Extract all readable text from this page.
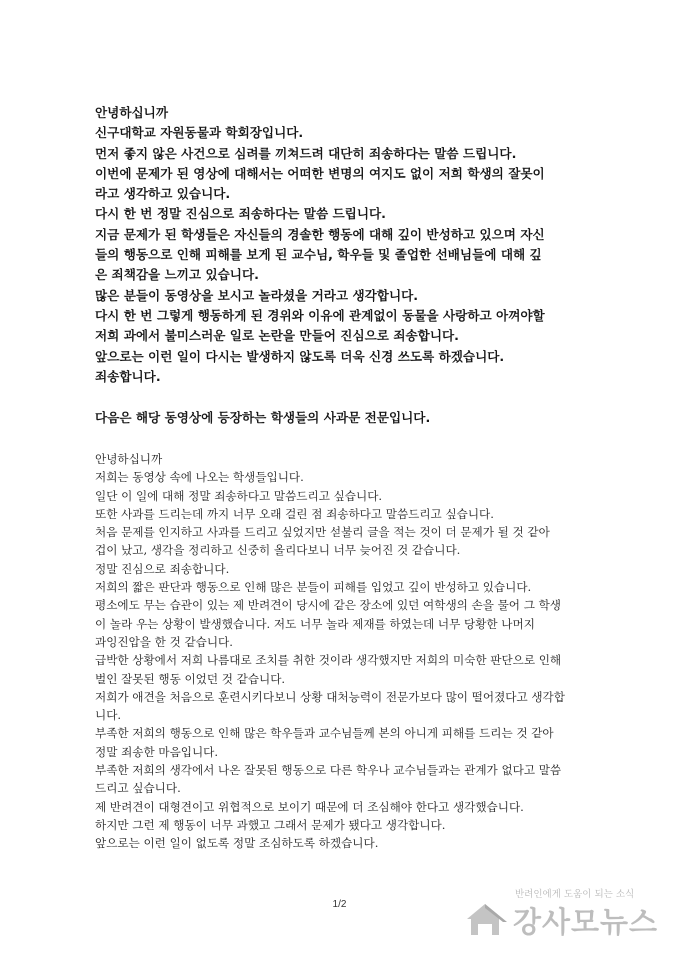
안녕하십니까
신구대학교 자원동물과 학회장입니다.
먼저 좋지 않은 사건으로 심려를 끼쳐드려 대단히 죄송하다는 말씀 드립니다.
이번에 문제가 된 영상에 대해서는 어떠한 변명의 여지도 없이 저희 학생의 잘못이
라고 생각하고 있습니다.
다시 한 번 정말 진심으로 죄송하다는 말씀 드립니다.
지금 문제가 된 학생들은 자신들의 경솔한 행동에 대해 깊이 반성하고 있으며 자신
들의 행동으로 인해 피해를 보게 된 교수님, 학우들 및 졸업한 선배님들에 대해 깊
은 죄책감을 느끼고 있습니다.
많은 분들이 동영상을 보시고 놀라셨을 거라고 생각합니다.
다시 한 번 그렇게 행동하게 된 경위와 이유에 관계없이 동물을 사랑하고 아껴야할
저희 과에서 불미스러운 일로 논란을 만들어 진심으로 죄송합니다.
앞으로는 이런 일이 다시는 발생하지 않도록 더욱 신경 쓰도록 하겠습니다.
죄송합니다.
다음은 해당 동영상에 등장하는 학생들의 사과문 전문입니다.
안녕하십니까
저희는 동영상 속에 나오는 학생들입니다.
일단 이 일에 대해 정말 죄송하다고 말씀드리고 싶습니다.
또한 사과를 드리는데 까지 너무 오래 걸린 점 죄송하다고 말씀드리고 싶습니다.
처음 문제를 인지하고 사과를 드리고 싶었지만 섣불리 글을 적는 것이 더 문제가 될 것 같아
겁이 났고, 생각을 정리하고 신중히 올리다보니 너무 늦어진 것 같습니다.
정말 진심으로 죄송합니다.
저희의 짧은 판단과 행동으로 인해 많은 분들이 피해를 입었고 깊이 반성하고 있습니다.
평소에도 무는 습관이 있는 제 반려견이 당시에 같은 장소에 있던 여학생의 손을 물어 그 학생
이 놀라 우는 상황이 발생했습니다. 저도 너무 놀라 제재를 하였는데 너무 당황한 나머지
과잉진압을 한 것 같습니다.
급박한 상황에서 저희 나름대로 조치를 취한 것이라 생각했지만 저희의 미숙한 판단으로 인해
벌인 잘못된 행동 이었던 것 같습니다.
저희가 애견을 처음으로 훈련시키다보니 상황 대처능력이 전문가보다 많이 떨어졌다고 생각합
니다.
부족한 저희의 행동으로 인해 많은 학우들과 교수님들께 본의 아니게 피해를 드리는 것 같아
정말 죄송한 마음입니다.
부족한 저희의 생각에서 나온 잘못된 행동으로 다른 학우나 교수님들과는 관계가 없다고 말씀
드리고 싶습니다.
제 반려견이 대형견이고 위협적으로 보이기 때문에 더 조심해야 한다고 생각했습니다.
하지만 그런 제 행동이 너무 과했고 그래서 문제가 됐다고 생각합니다.
앞으로는 이런 일이 없도록 정말 조심하도록 하겠습니다.
1/2
반려인에게 도움이 되는 소식
강사모뉴스
